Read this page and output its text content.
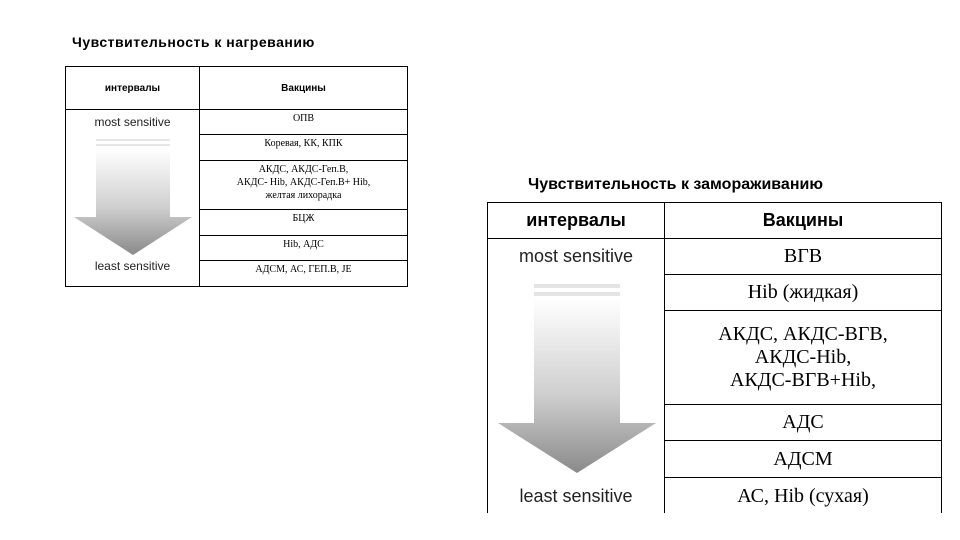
Чувствительность к нагреванию
интервалы
most sensitive
least sensitive
Вакцины
ОПВ
Коревая, КК, КПК
АКДС, АКДС-Геп.В,
АКДС- Hib, АКДС-Геп.В+ Hib,
желтая лихорадка
БЦЖ
Hib, АДС
АДСМ, АС, ГЕП.В, JE
Чувствительность к замораживанию
интервалы
most sensitive
least sensitive
Вакцины
ВГВ
Hib (жидкая)
АКДС, АКДС-ВГВ,
АКДС-Hib,
АКДС-ВГВ+Hib,
АДС
АДСМ
АС, Hib (сухая)
